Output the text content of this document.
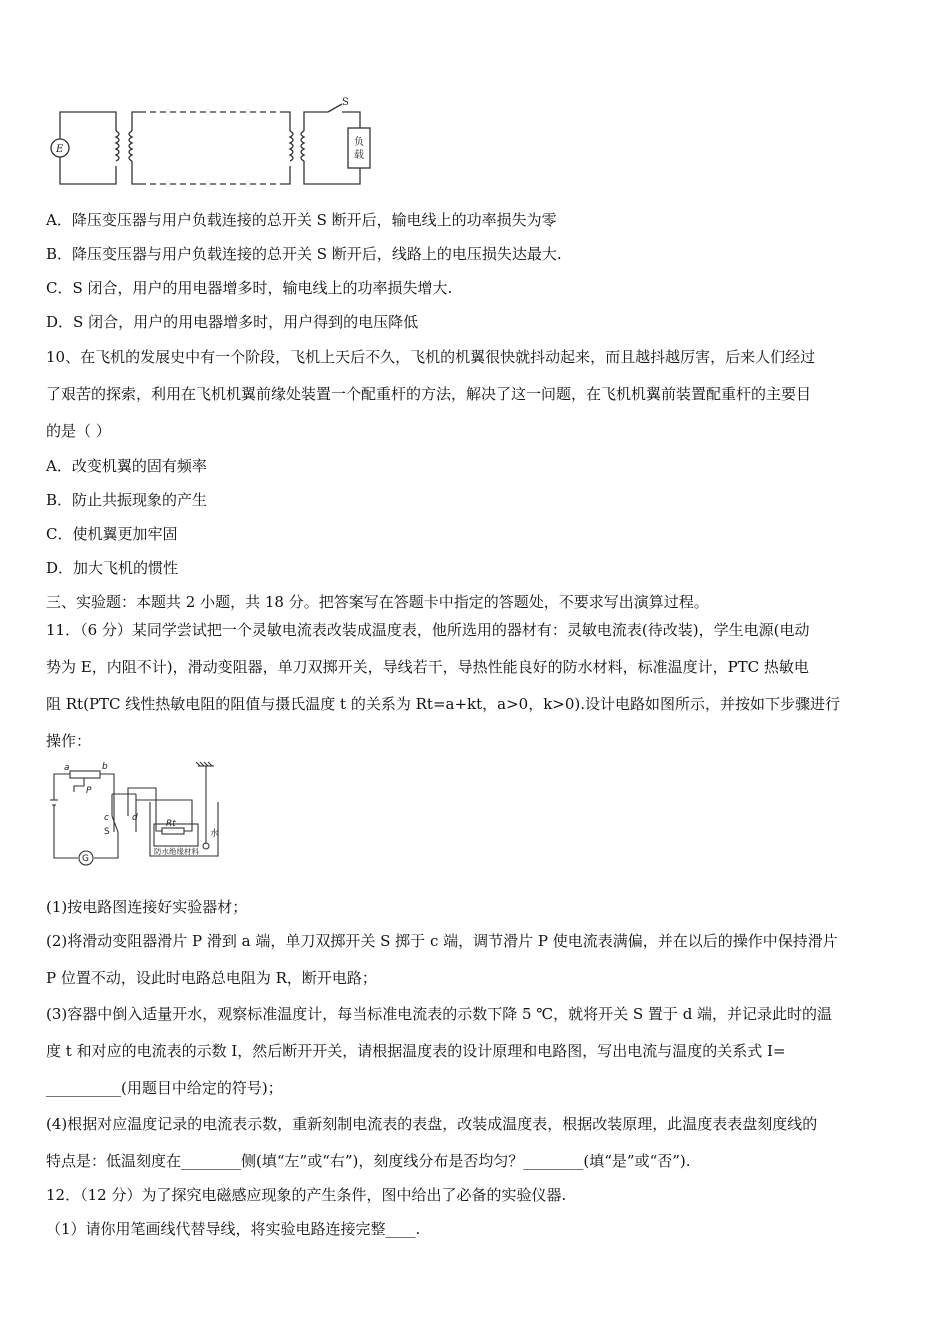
E
S
负
载
A．降压变压器与用户负载连接的总开关 S 断开后，输电线上的功率损失为零
B．降压变压器与用户负载连接的总开关 S 断开后，线路上的电压损失达最大.
C．S 闭合，用户的用电器增多时，输电线上的功率损失增大.
D．S 闭合，用户的用电器增多时，用户得到的电压降低
10、在飞机的发展史中有一个阶段，飞机上天后不久，飞机的机翼很快就抖动起来，而且越抖越厉害，后来人们经过
了艰苦的探索，利用在飞机机翼前缘处装置一个配重杆的方法，解决了这一问题，在飞机机翼前装置配重杆的主要目
的是（ ）
A．改变机翼的固有频率
B．防止共振现象的产生
C．使机翼更加牢固
D．加大飞机的惯性
三、实验题：本题共 2 小题，共 18 分。把答案写在答题卡中指定的答题处，不要求写出演算过程。
11．（6 分）某同学尝试把一个灵敏电流表改装成温度表，他所选用的器材有：灵敏电流表(待改装)，学生电源(电动
势为 E，内阻不计)，滑动变阻器，单刀双掷开关，导线若干，导热性能良好的防水材料，标准温度计，PTC 热敏电
阻 Rt(PTC 线性热敏电阻的阻值与摄氏温度 t 的关系为 Rt=a+kt，a>0，k>0).设计电路如图所示，并按如下步骤进行
操作：
a	b
P
c	d
S
Rt
水
G
防水绝缘材料
(1)按电路图连接好实验器材；
(2)将滑动变阻器滑片 P 滑到 a 端，单刀双掷开关 S 掷于 c 端，调节滑片 P 使电流表满偏，并在以后的操作中保持滑片
P 位置不动，设此时电路总电阻为 R，断开电路；
(3)容器中倒入适量开水，观察标准温度计，每当标准电流表的示数下降 5 ℃，就将开关 S 置于 d 端，并记录此时的温
度 t 和对应的电流表的示数 I，然后断开开关，请根据温度表的设计原理和电路图，写出电流与温度的关系式 I=
__________(用题目中给定的符号)；
(4)根据对应温度记录的电流表示数，重新刻制电流表的表盘，改装成温度表，根据改装原理，此温度表表盘刻度线的
特点是：低温刻度在________侧(填“左”或“右”)，刻度线分布是否均匀？________(填“是”或“否”).
12．（12 分）为了探究电磁感应现象的产生条件，图中给出了必备的实验仪器.
（1）请你用笔画线代替导线，将实验电路连接完整____.
